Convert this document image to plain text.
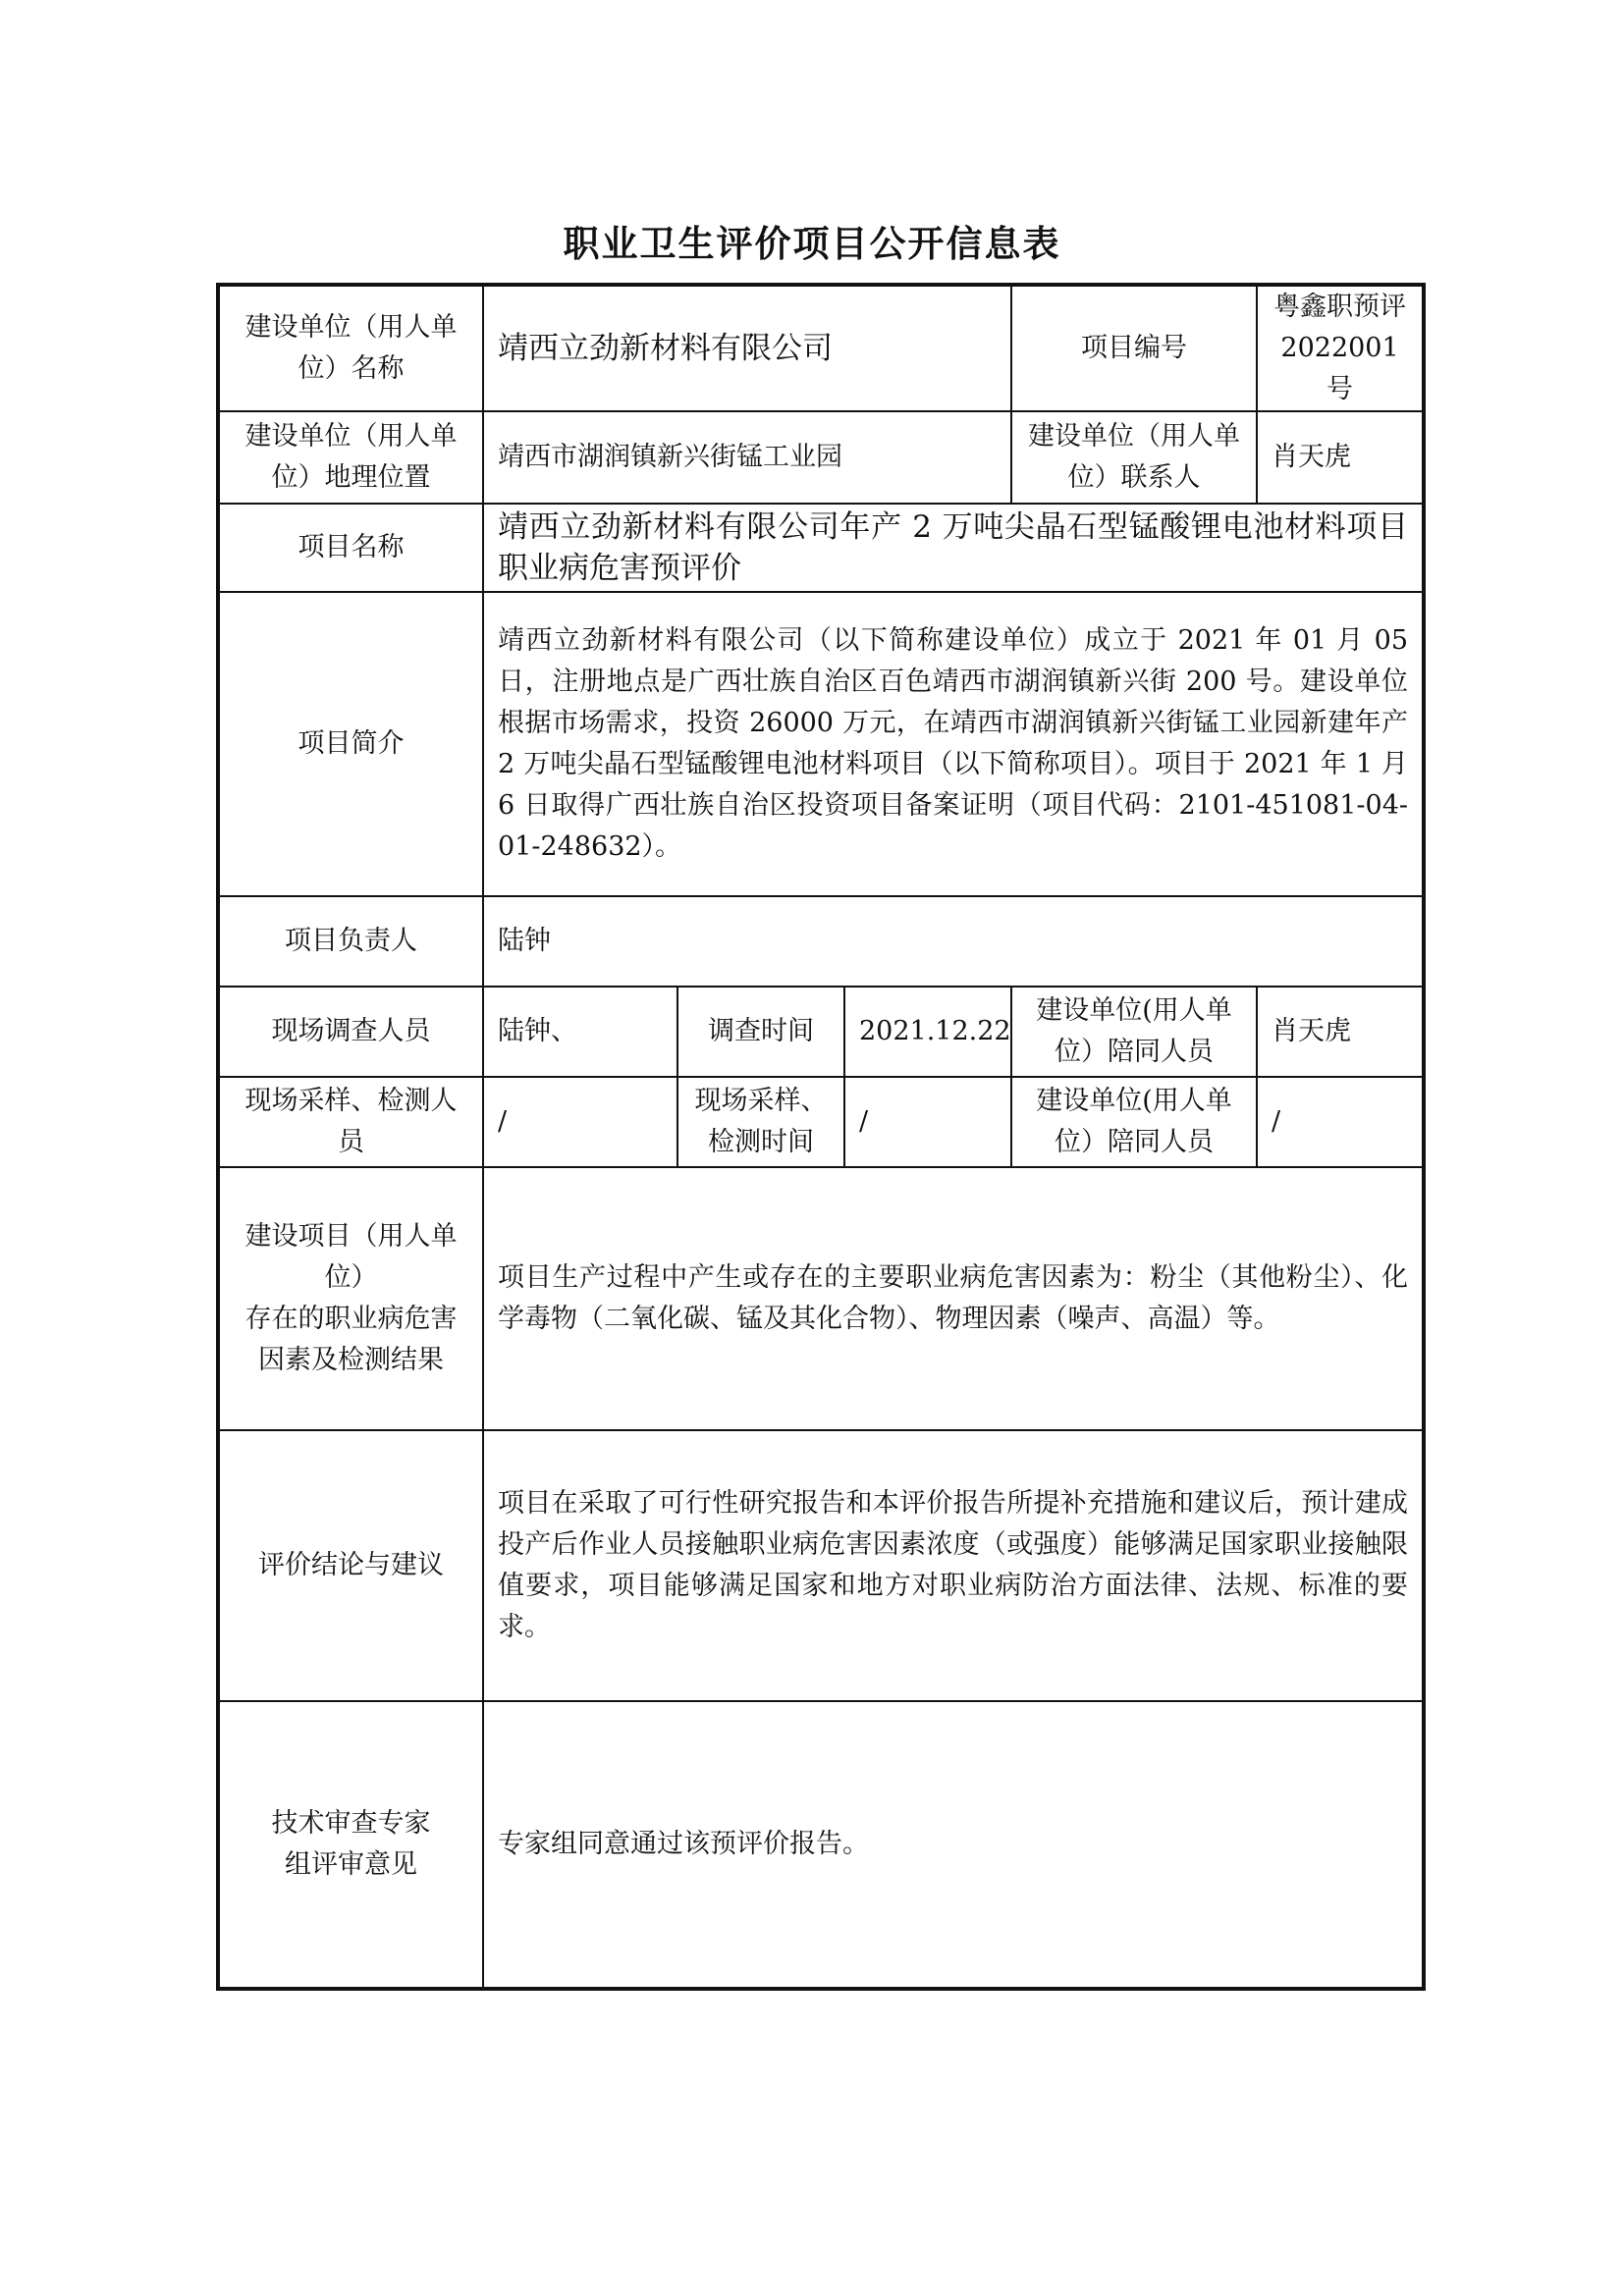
职业卫生评价项目公开信息表
建设单位（用人单位）名称	靖西立劲新材料有限公司			项目编号	粤鑫职预评2022001号
建设单位（用人单位）地理位置	靖西市湖润镇新兴街锰工业园			建设单位（用人单位）联系人	肖天虎
项目名称	靖西立劲新材料有限公司年产 2 万吨尖晶石型锰酸锂电池材料项目职业病危害预评价				
项目简介	靖西立劲新材料有限公司（以下简称建设单位）成立于 2021 年 01 月 05 日，注册地点是广西壮族自治区百色靖西市湖润镇新兴街 200 号。建设单位根据市场需求，投资 26000 万元，在靖西市湖润镇新兴街锰工业园新建年产 2 万吨尖晶石型锰酸锂电池材料项目（以下简称项目）。项目于 2021 年 1 月 6 日取得广西壮族自治区投资项目备案证明（项目代码：2101-451081-04-01-248632）。				
项目负责人	陆钟				
现场调查人员	陆钟、	调查时间	2021.12.22	建设单位(用人单位）陪同人员	肖天虎
现场采样、检测人员	/	现场采样、检测时间	/	建设单位(用人单位）陪同人员	/

建设项目（用人单位）
存在的职业病危害因素及检测结果	项目生产过程中产生或存在的主要职业病危害因素为：粉尘（其他粉尘）、化学毒物（二氧化碳、锰及其化合物）、物理因素（噪声、高温）等。				
评价结论与建议	项目在采取了可行性研究报告和本评价报告所提补充措施和建议后，预计建成投产后作业人员接触职业病危害因素浓度（或强度）能够满足国家职业接触限值要求，项目能够满足国家和地方对职业病防治方面法律、法规、标准的要求。				
技术审查专家组评审意见	专家组同意通过该预评价报告。				
